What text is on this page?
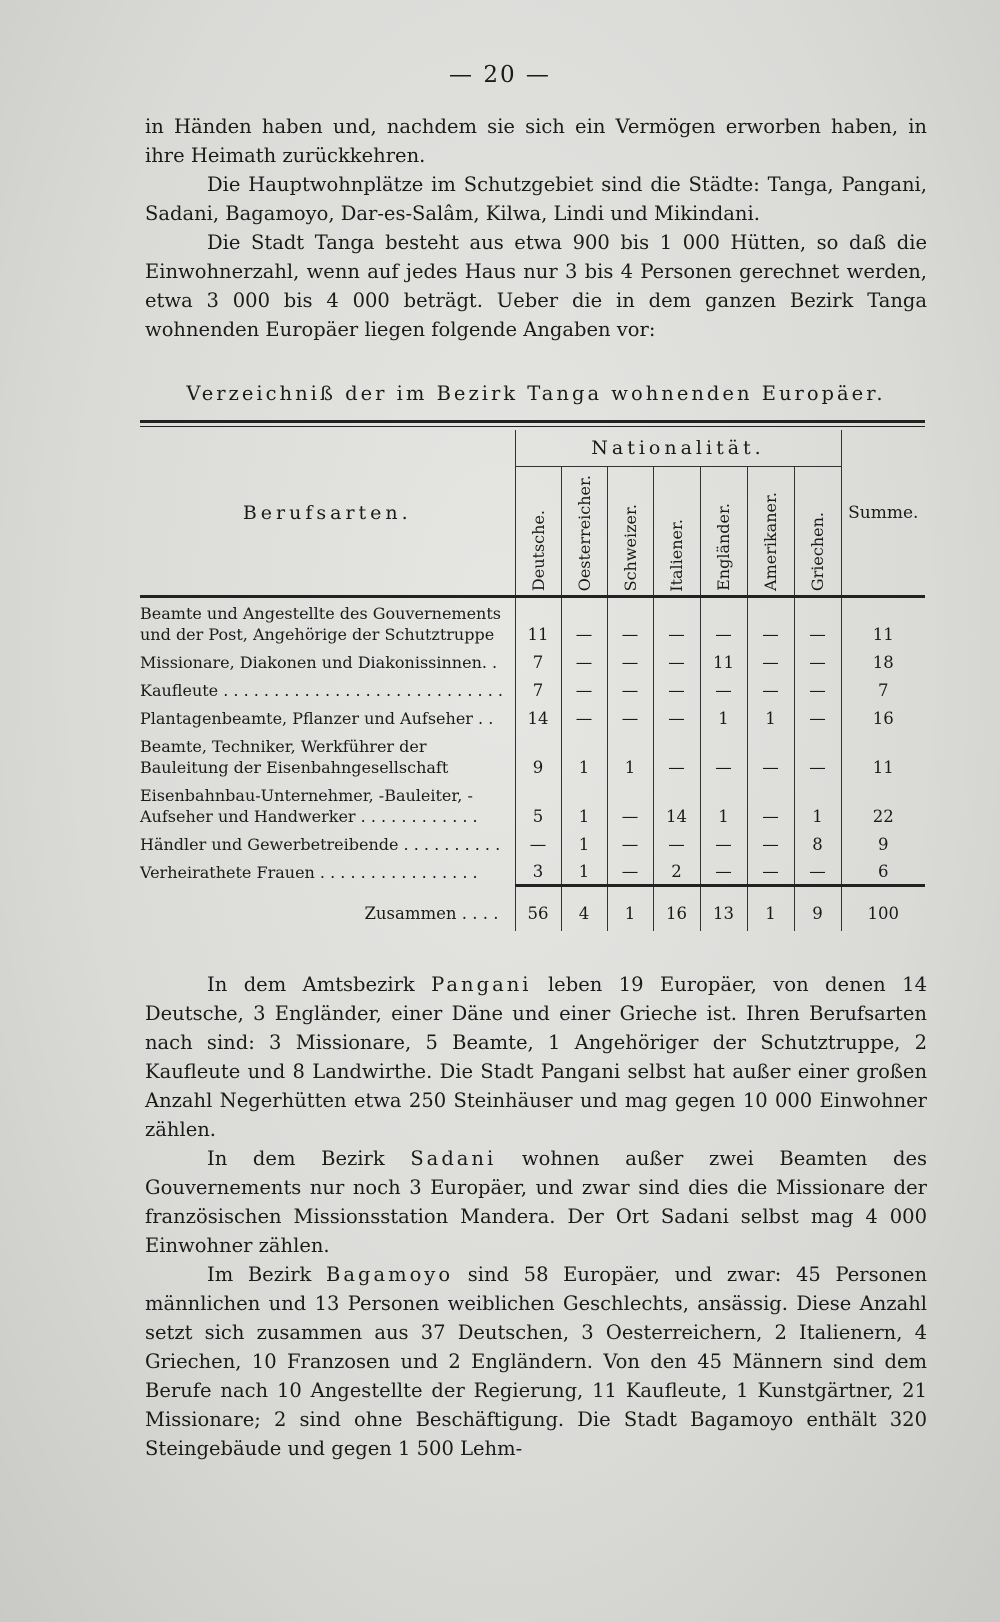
— 20 —

in Händen haben und, nachdem sie sich ein Vermögen erworben haben, in ihre Heimath zurückkehren.

Die Hauptwohnplätze im Schutzgebiet sind die Städte: Tanga, Pangani, Sadani, Bagamoyo, Dar-es-Salâm, Kilwa, Lindi und Mikindani.

Die Stadt Tanga besteht aus etwa 900 bis 1 000 Hütten, so daß die Einwohnerzahl, wenn auf jedes Haus nur 3 bis 4 Personen gerechnet werden, etwa 3 000 bis 4 000 beträgt. Ueber die in dem ganzen Bezirk Tanga wohnenden Europäer liegen folgende Angaben vor:

Verzeichniß der im Bezirk Tanga wohnenden Europäer.
Berufsarten.	Nationalität.							Summe.
	Deutsche.	Oesterreicher.	Schweizer.	Italiener.	Engländer.	Amerikaner.	Griechen.	
Beamte und Angestellte des Gouvernements und der Post, Angehörige der Schutztruppe	11	—	—	—	—	—	—	11
Missionare, Diakonen und Diakonissinnen. .	7	—	—	—	11	—	—	18
Kaufleute . . . . . . . . . . . . . . . . . . . . . . . . . . . .	7	—	—	—	—	—	—	7
Plantagenbeamte, Pflanzer und Aufseher . .	14	—	—	—	1	1	—	16
Beamte, Techniker, Werkführer der Bauleitung der Eisenbahngesellschaft	9	1	1	—	—	—	—	11
Eisenbahnbau-Unternehmer, -Bauleiter, -Aufseher und Handwerker . . . . . . . . . . . .	5	1	—	14	1	—	1	22
Händler und Gewerbetreibende . . . . . . . . . .	—	1	—	—	—	—	8	9
Verheirathete Frauen . . . . . . . . . . . . . . . .	3	1	—	2	—	—	—	6
Zusammen . . . .	56	4	1	16	13	1	9	100

In dem Amtsbezirk Pangani leben 19 Europäer, von denen 14 Deutsche, 3 Engländer, einer Däne und einer Grieche ist. Ihren Berufsarten nach sind: 3 Missionare, 5 Beamte, 1 Angehöriger der Schutztruppe, 2 Kaufleute und 8 Landwirthe. Die Stadt Pangani selbst hat außer einer großen Anzahl Negerhütten etwa 250 Steinhäuser und mag gegen 10 000 Einwohner zählen.

In dem Bezirk Sadani wohnen außer zwei Beamten des Gouvernements nur noch 3 Europäer, und zwar sind dies die Missionare der französischen Missionsstation Mandera. Der Ort Sadani selbst mag 4 000 Einwohner zählen.

Im Bezirk Bagamoyo sind 58 Europäer, und zwar: 45 Personen männlichen und 13 Personen weiblichen Geschlechts, ansässig. Diese Anzahl setzt sich zusammen aus 37 Deutschen, 3 Oesterreichern, 2 Italienern, 4 Griechen, 10 Franzosen und 2 Engländern. Von den 45 Männern sind dem Berufe nach 10 Angestellte der Regierung, 11 Kaufleute, 1 Kunstgärtner, 21 Missionare; 2 sind ohne Beschäftigung. Die Stadt Bagamoyo enthält 320 Steingebäude und gegen 1 500 Lehm-
